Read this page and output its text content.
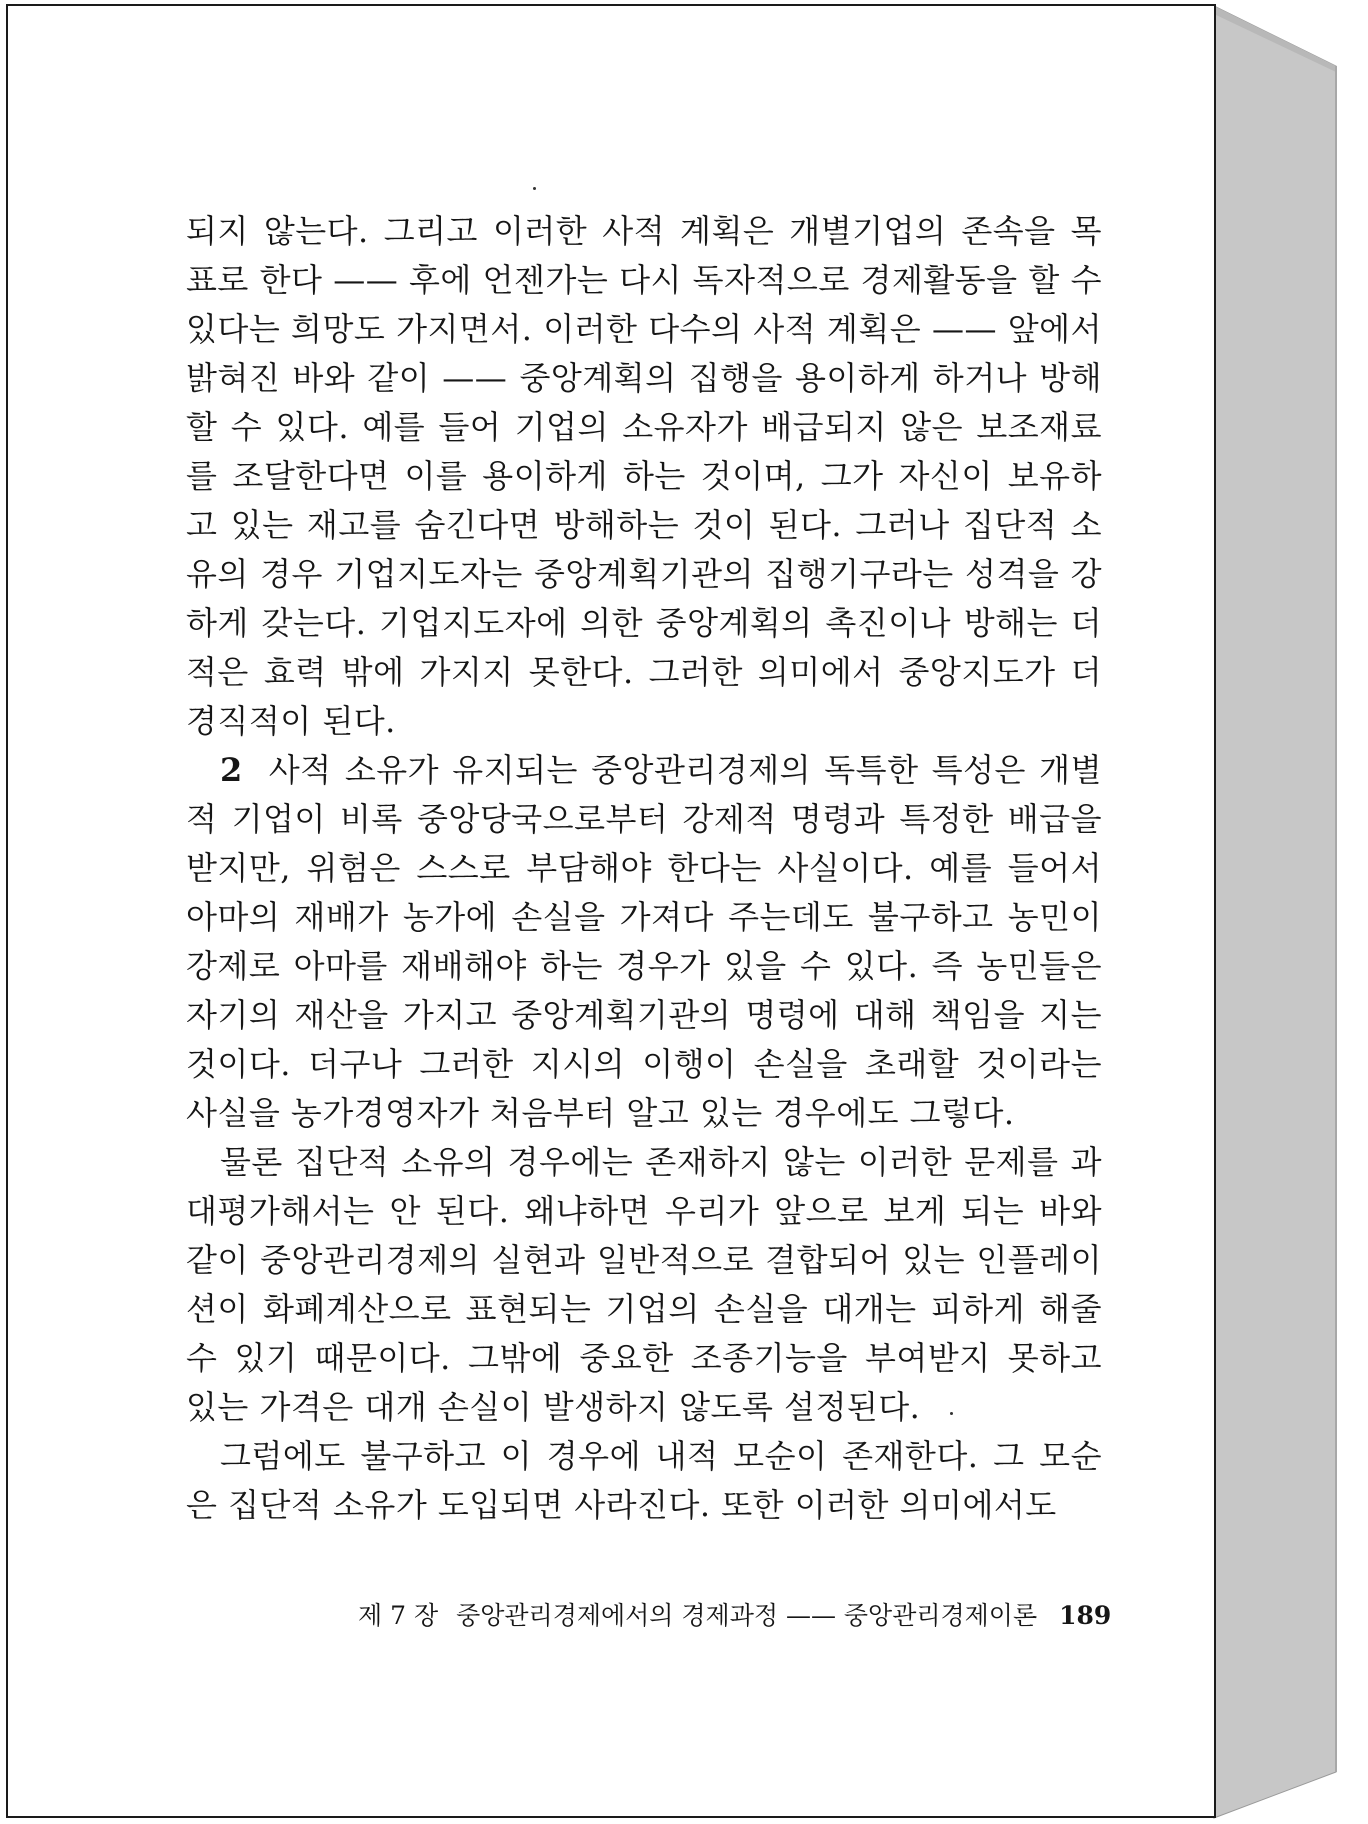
되지 않는다. 그리고 이러한 사적 계획은 개별기업의 존속을 목
표로 한다 —— 후에 언젠가는 다시 독자적으로 경제활동을 할 수
있다는 희망도 가지면서. 이러한 다수의 사적 계획은 —— 앞에서
밝혀진 바와 같이 —— 중앙계획의 집행을 용이하게 하거나 방해
할 수 있다. 예를 들어 기업의 소유자가 배급되지 않은 보조재료
를 조달한다면 이를 용이하게 하는 것이며, 그가 자신이 보유하
고 있는 재고를 숨긴다면 방해하는 것이 된다. 그러나 집단적 소
유의 경우 기업지도자는 중앙계획기관의 집행기구라는 성격을 강
하게 갖는다. 기업지도자에 의한 중앙계획의 촉진이나 방해는 더
적은 효력 밖에 가지지 못한다. 그러한 의미에서 중앙지도가 더
경직적이 된다.
2 사적 소유가 유지되는 중앙관리경제의 독특한 특성은 개별
적 기업이 비록 중앙당국으로부터 강제적 명령과 특정한 배급을
받지만, 위험은 스스로 부담해야 한다는 사실이다. 예를 들어서
아마의 재배가 농가에 손실을 가져다 주는데도 불구하고 농민이
강제로 아마를 재배해야 하는 경우가 있을 수 있다. 즉 농민들은
자기의 재산을 가지고 중앙계획기관의 명령에 대해 책임을 지는
것이다. 더구나 그러한 지시의 이행이 손실을 초래할 것이라는
사실을 농가경영자가 처음부터 알고 있는 경우에도 그렇다.
물론 집단적 소유의 경우에는 존재하지 않는 이러한 문제를 과
대평가해서는 안 된다. 왜냐하면 우리가 앞으로 보게 되는 바와
같이 중앙관리경제의 실현과 일반적으로 결합되어 있는 인플레이
션이 화폐계산으로 표현되는 기업의 손실을 대개는 피하게 해줄
수 있기 때문이다. 그밖에 중요한 조종기능을 부여받지 못하고
있는 가격은 대개 손실이 발생하지 않도록 설정된다.
그럼에도 불구하고 이 경우에 내적 모순이 존재한다. 그 모순
은 집단적 소유가 도입되면 사라진다. 또한 이러한 의미에서도
제 7 장 중앙관리경제에서의 경제과정 —— 중앙관리경제이론 189
